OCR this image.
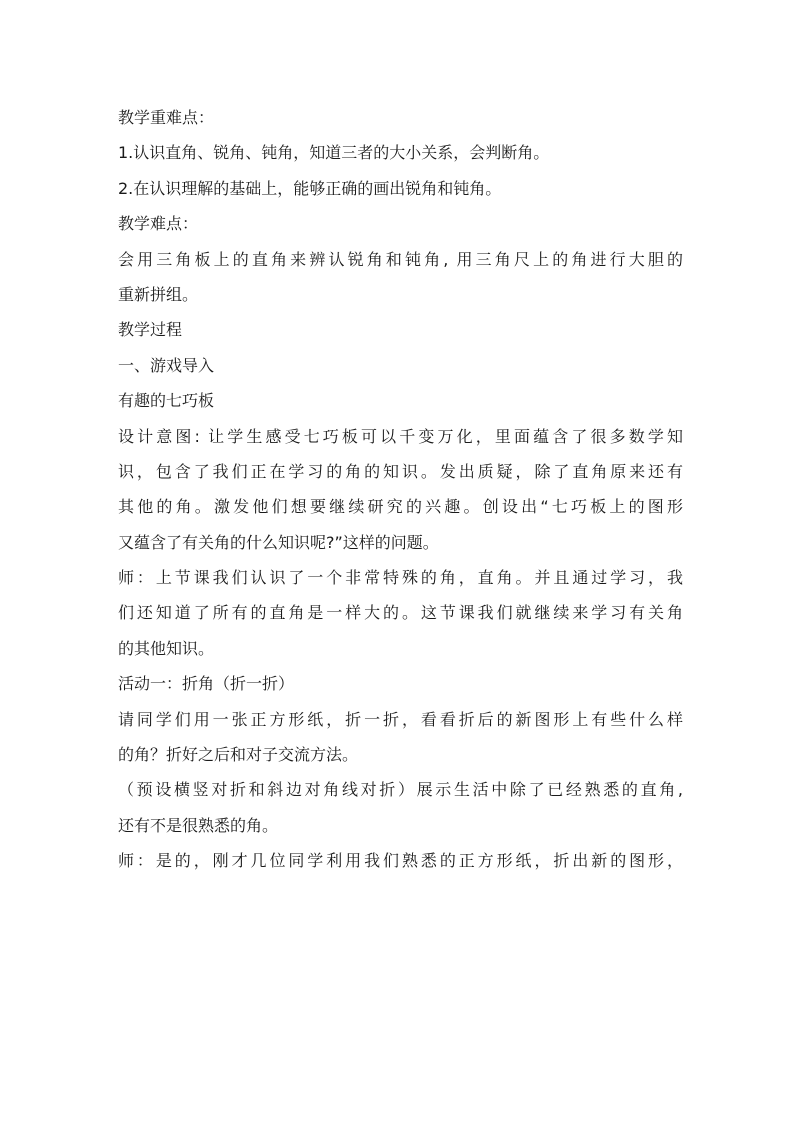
教学重难点：
1.认识直角、锐角、钝角，知道三者的大小关系，会判断角。
2.在认识理解的基础上，能够正确的画出锐角和钝角。
教学难点：
会用三角板上的直角来辨认锐角和钝角, 用三角尺上的角进行大胆的
重新拼组。
教学过程
一、游戏导入
有趣的七巧板
设计意图: 让学生感受七巧板可以千变万化，里面蕴含了很多数学知
识，包含了我们正在学习的角的知识。发出质疑，除了直角原来还有
其他的角。激发他们想要继续研究的兴趣。创设出“七巧板上的图形
又蕴含了有关角的什么知识呢?”这样的问题。
师：上节课我们认识了一个非常特殊的角，直角。并且通过学习，我
们还知道了所有的直角是一样大的。这节课我们就继续来学习有关角
的其他知识。
活动一：折角（折一折）
请同学们用一张正方形纸，折一折，看看折后的新图形上有些什么样
的角？折好之后和对子交流方法。
（预设横竖对折和斜边对角线对折）展示生活中除了已经熟悉的直角,
还有不是很熟悉的角。
师：是的，刚才几位同学利用我们熟悉的正方形纸，折出新的图形，
